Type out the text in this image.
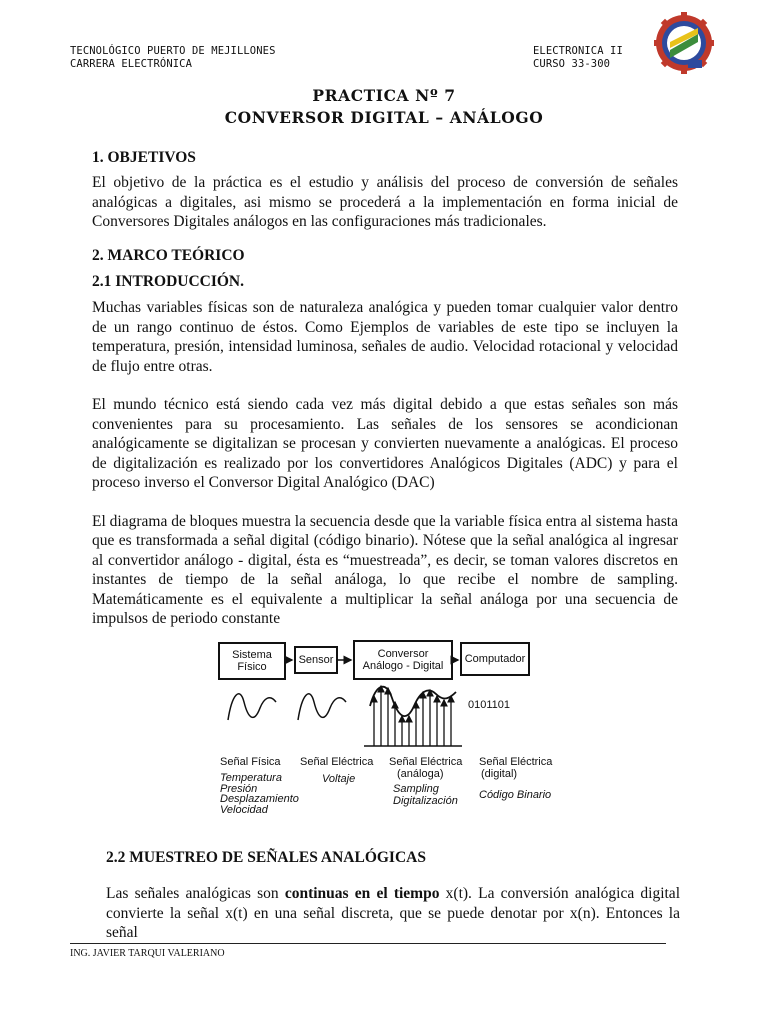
TECNOLÓGICO PUERTO DE MEJILLONES
CARRERA ELECTRÓNICA
ELECTRONICA II
CURSO 33-300
PRACTICA Nº 7
CONVERSOR DIGITAL – ANÁLOGO
1. OBJETIVOS

El objetivo de la práctica es el estudio y análisis del proceso de conversión de señales analógicas a digitales, asi mismo se procederá a la implementación en forma inicial de Conversores Digitales análogos en las configuraciones más tradicionales.

2. MARCO TEÓRICO
2.1 INTRODUCCIÓN.

Muchas variables físicas son de naturaleza analógica y pueden tomar cualquier valor dentro de un rango continuo de éstos. Como Ejemplos de variables de este tipo se incluyen la temperatura, presión, intensidad luminosa, señales de audio. Velocidad rotacional y velocidad de flujo entre otras.

El mundo técnico está siendo cada vez más digital debido a que estas señales son más convenientes para su procesamiento. Las señales de los sensores se acondicionan analógicamente se digitalizan se procesan y convierten nuevamente a analógicas. El proceso de digitalización es realizado por los convertidores Analógicos Digitales (ADC) y para el proceso inverso el Conversor Digital Analógico (DAC)

El diagrama de bloques muestra la secuencia desde que la variable física entra al sistema hasta que es transformada a señal digital (código binario). Nótese que la señal analógica al ingresar al convertidor análogo - digital, ésta es “muestreada”, es decir, se toman valores discretos en instantes de tiempo de la señal análoga, lo que recibe el nombre de sampling. Matemáticamente es el equivalente a multiplicar la señal análoga por una secuencia de impulsos de periodo constante

Sistema
Físico
Sensor	Conversor
Análogo - Digital
Computador
0101101
Señal Física
Temperatura
Presión
Desplazamiento
Velocidad
Señal Eléctrica
Voltaje
Señal Eléctrica
(análoga)
Sampling
Digitalización
Señal Eléctrica
(digital)
Código Binario
2.2 MUESTREO DE SEÑALES ANALÓGICAS
Las señales analógicas son continuas en el tiempo x(t). La conversión analógica digital convierte la señal x(t) en una señal discreta, que se puede denotar por x(n). Entonces la señal
ING. JAVIER TARQUI VALERIANO
